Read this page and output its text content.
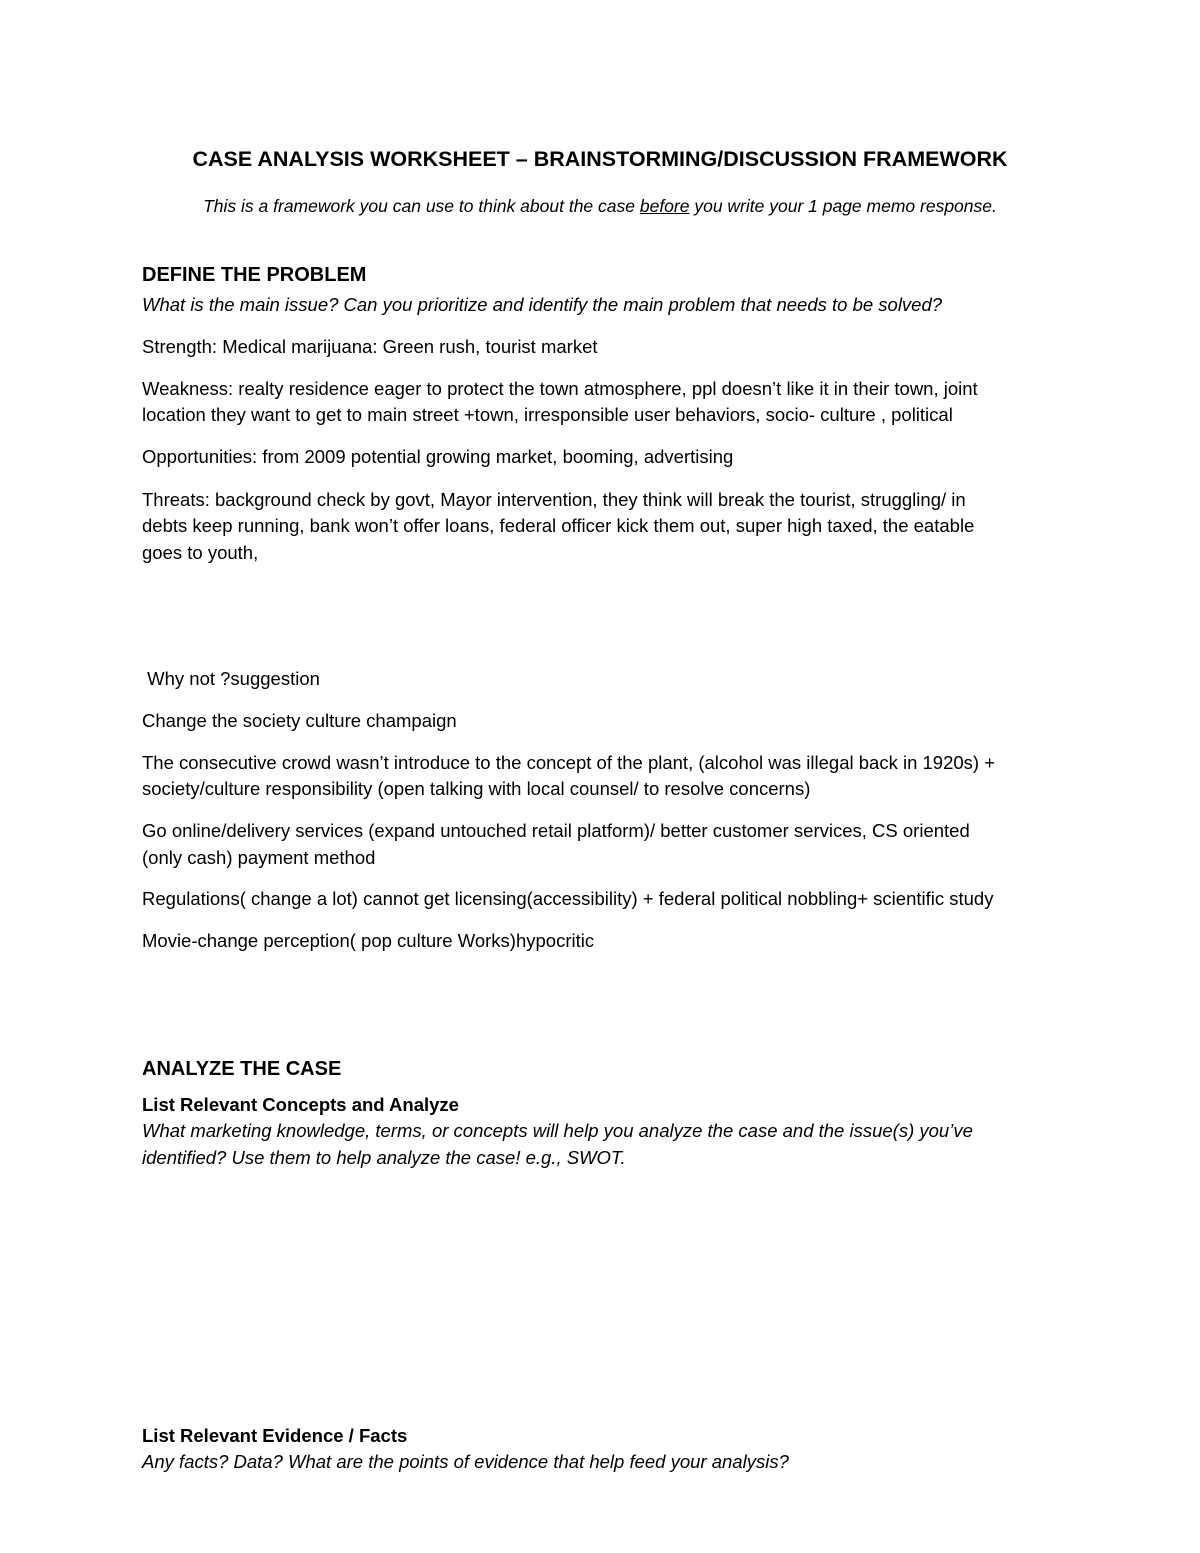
CASE ANALYSIS WORKSHEET – BRAINSTORMING/DISCUSSION FRAMEWORK

This is a framework you can use to think about the case before you write your 1 page memo response.

DEFINE THE PROBLEM

What is the main issue? Can you prioritize and identify the main problem that needs to be solved?

Strength: Medical marijuana: Green rush, tourist market

Weakness: realty residence eager to protect the town atmosphere, ppl doesn’t like it in their town, joint

location they want to get to main street +town, irresponsible user behaviors, socio- culture , political

Opportunities: from 2009 potential growing market, booming, advertising

Threats: background check by govt, Mayor intervention, they think will break the tourist, struggling/ in

debts keep running, bank won’t offer loans, federal officer kick them out, super high taxed, the eatable

goes to youth,

Why not ?suggestion

Change the society culture champaign

The consecutive crowd wasn’t introduce to the concept of the plant, (alcohol was illegal back in 1920s) +

society/culture responsibility (open talking with local counsel/ to resolve concerns)

Go online/delivery services (expand untouched retail platform)/ better customer services, CS oriented

(only cash) payment method

Regulations( change a lot) cannot get licensing(accessibility) + federal political nobbling+ scientific study

Movie-change perception( pop culture Works)hypocritic

ANALYZE THE CASE

List Relevant Concepts and Analyze

What marketing knowledge, terms, or concepts will help you analyze the case and the issue(s) you’ve

identified? Use them to help analyze the case! e.g., SWOT.

List Relevant Evidence / Facts

Any facts? Data? What are the points of evidence that help feed your analysis?
